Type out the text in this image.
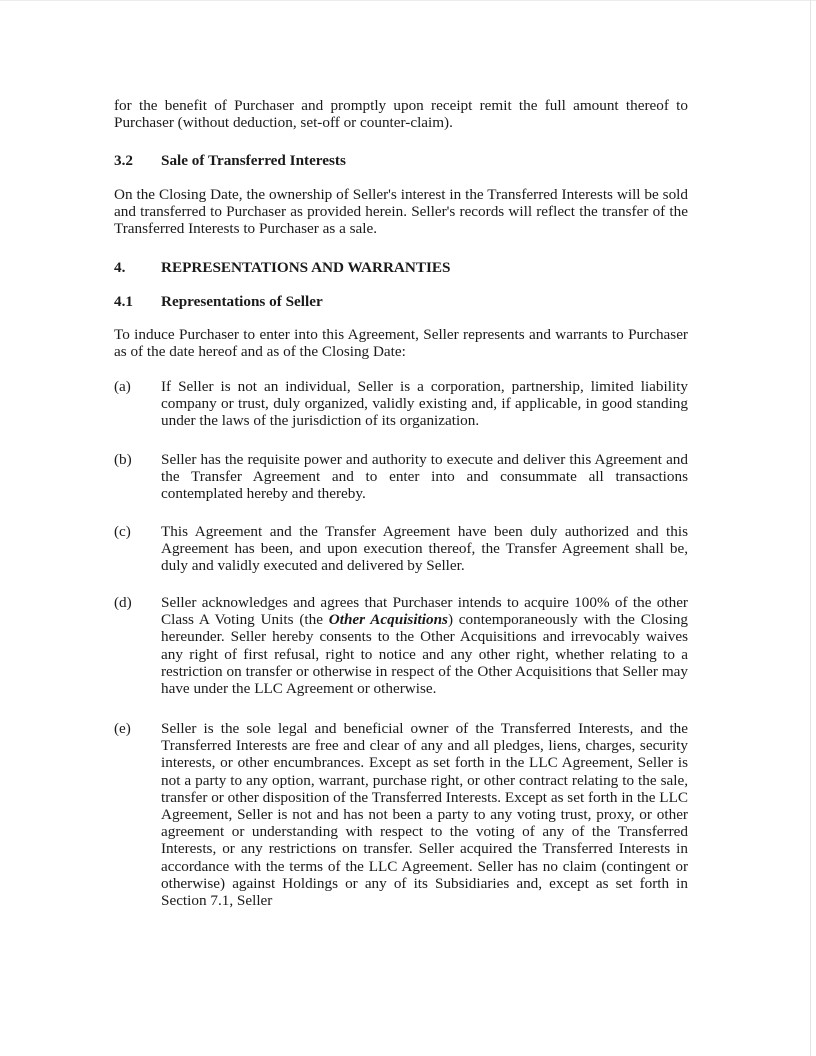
for the benefit of Purchaser and promptly upon receipt remit the full amount thereof to Purchaser (without deduction, set-off or counter-claim).

3.2 Sale of Transferred Interests

On the Closing Date, the ownership of Seller's interest in the Transferred Interests will be sold and transferred to Purchaser as provided herein. Seller's records will reflect the transfer of the Transferred Interests to Purchaser as a sale.

4. REPRESENTATIONS AND WARRANTIES
4.1 Representations of Seller

To induce Purchaser to enter into this Agreement, Seller represents and warrants to Purchaser as of the date hereof and as of the Closing Date:

(a) If Seller is not an individual, Seller is a corporation, partnership, limited liability company or trust, duly organized, validly existing and, if applicable, in good standing under the laws of the jurisdiction of its organization.

(b) Seller has the requisite power and authority to execute and deliver this Agreement and the Transfer Agreement and to enter into and consummate all transactions contemplated hereby and thereby.

(c) This Agreement and the Transfer Agreement have been duly authorized and this Agreement has been, and upon execution thereof, the Transfer Agreement shall be, duly and validly executed and delivered by Seller.

(d) Seller acknowledges and agrees that Purchaser intends to acquire 100% of the other Class A Voting Units (the Other Acquisitions) contemporaneously with the Closing hereunder. Seller hereby consents to the Other Acquisitions and irrevocably waives any right of first refusal, right to notice and any other right, whether relating to a restriction on transfer or otherwise in respect of the Other Acquisitions that Seller may have under the LLC Agreement or otherwise.

(e) Seller is the sole legal and beneficial owner of the Transferred Interests, and the Transferred Interests are free and clear of any and all pledges, liens, charges, security interests, or other encumbrances. Except as set forth in the LLC Agreement, Seller is not a party to any option, warrant, purchase right, or other contract relating to the sale, transfer or other disposition of the Transferred Interests. Except as set forth in the LLC Agreement, Seller is not and has not been a party to any voting trust, proxy, or other agreement or understanding with respect to the voting of any of the Transferred Interests, or any restrictions on transfer. Seller acquired the Transferred Interests in accordance with the terms of the LLC Agreement. Seller has no claim (contingent or otherwise) against Holdings or any of its Subsidiaries and, except as set forth in Section 7.1, Seller
